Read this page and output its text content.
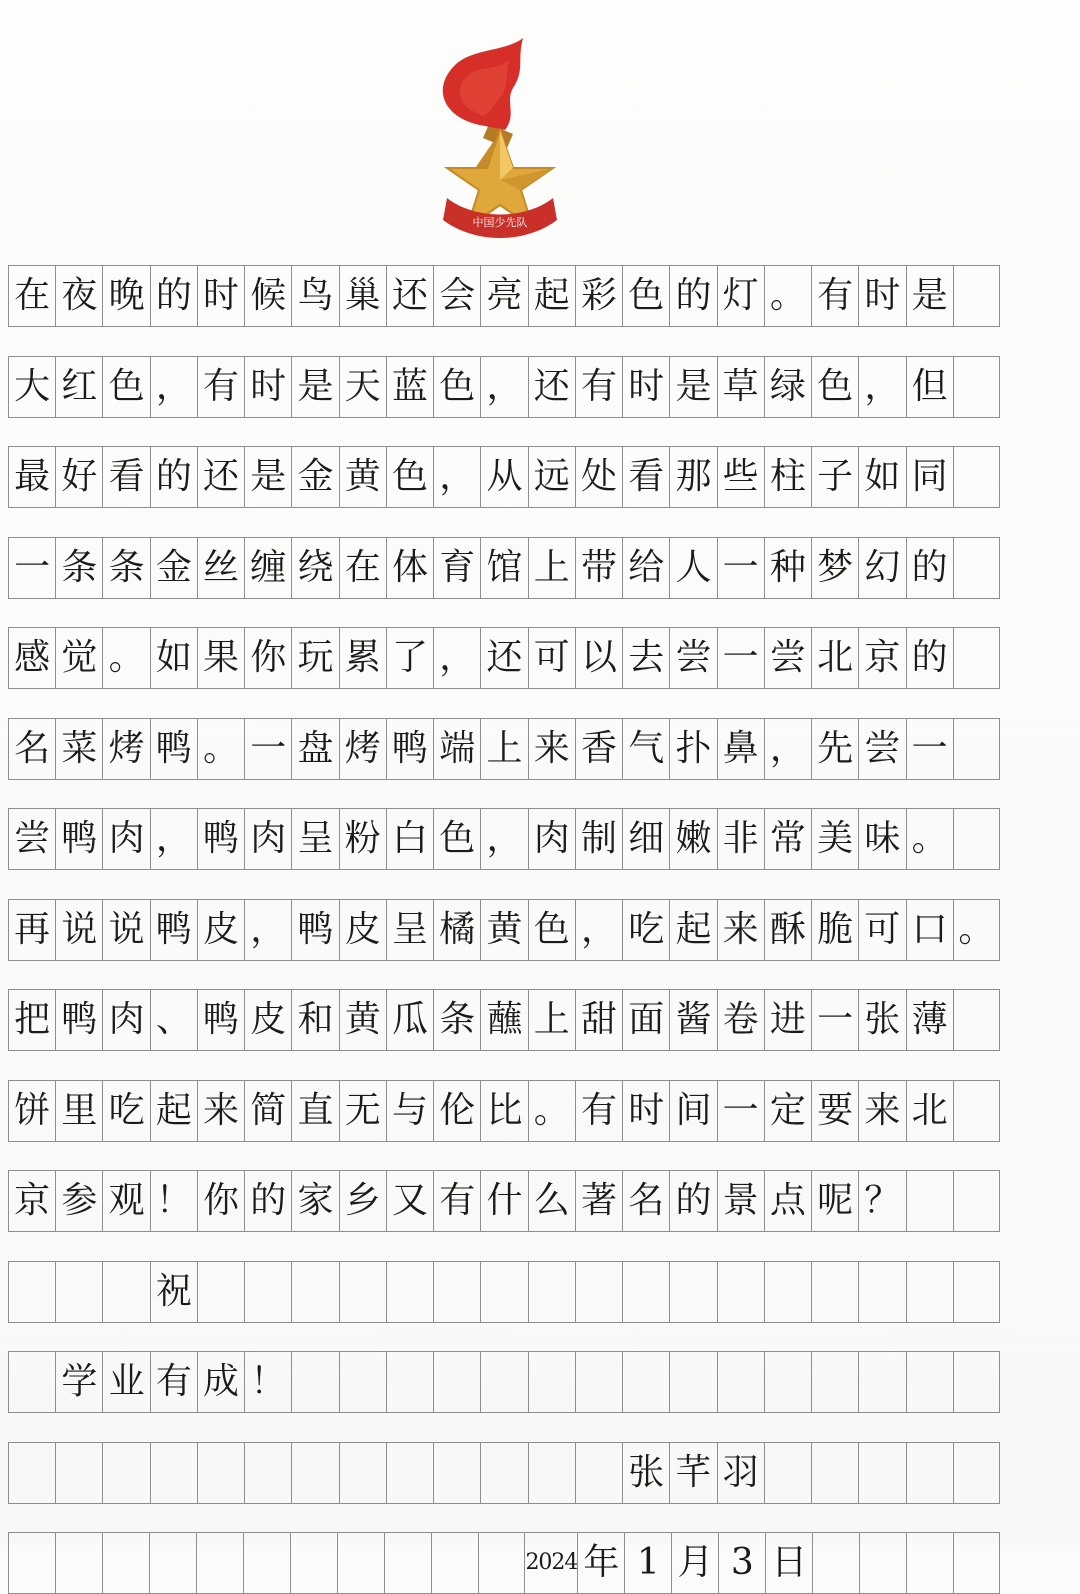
中国少先队
在 夜 晚 的 时 候 鸟 巢 还 会 亮 起 彩 色 的 灯 。 有 时 是
大 红 色 ， 有 时 是 天 蓝 色 ， 还 有 时 是 草 绿 色 ， 但
最 好 看 的 还 是 金 黄 色 ， 从 远 处 看 那 些 柱 子 如 同
一 条 条 金 丝 缠 绕 在 体 育 馆 上 带 给 人 一 种 梦 幻 的
感 觉 。 如 果 你 玩 累 了 ， 还 可 以 去 尝 一 尝 北 京 的
名 菜 烤 鸭 。 一 盘 烤 鸭 端 上 来 香 气 扑 鼻 ， 先 尝 一
尝 鸭 肉 ， 鸭 肉 呈 粉 白 色 ， 肉 制 细 嫩 非 常 美 味 。
再 说 说 鸭 皮 ， 鸭 皮 呈 橘 黄 色 ， 吃 起 来 酥 脆 可 口 。
把 鸭 肉 、 鸭 皮 和 黄 瓜 条 蘸 上 甜 面 酱 卷 进 一 张 薄
饼 里 吃 起 来 简 直 无 与 伦 比 。 有 时 间 一 定 要 来 北
京 参 观 ！ 你 的 家 乡 又 有 什 么 著 名 的 景 点 呢 ？
祝
学 业 有 成 ！
张 芊 羽
2024 年 1 月 3 日
